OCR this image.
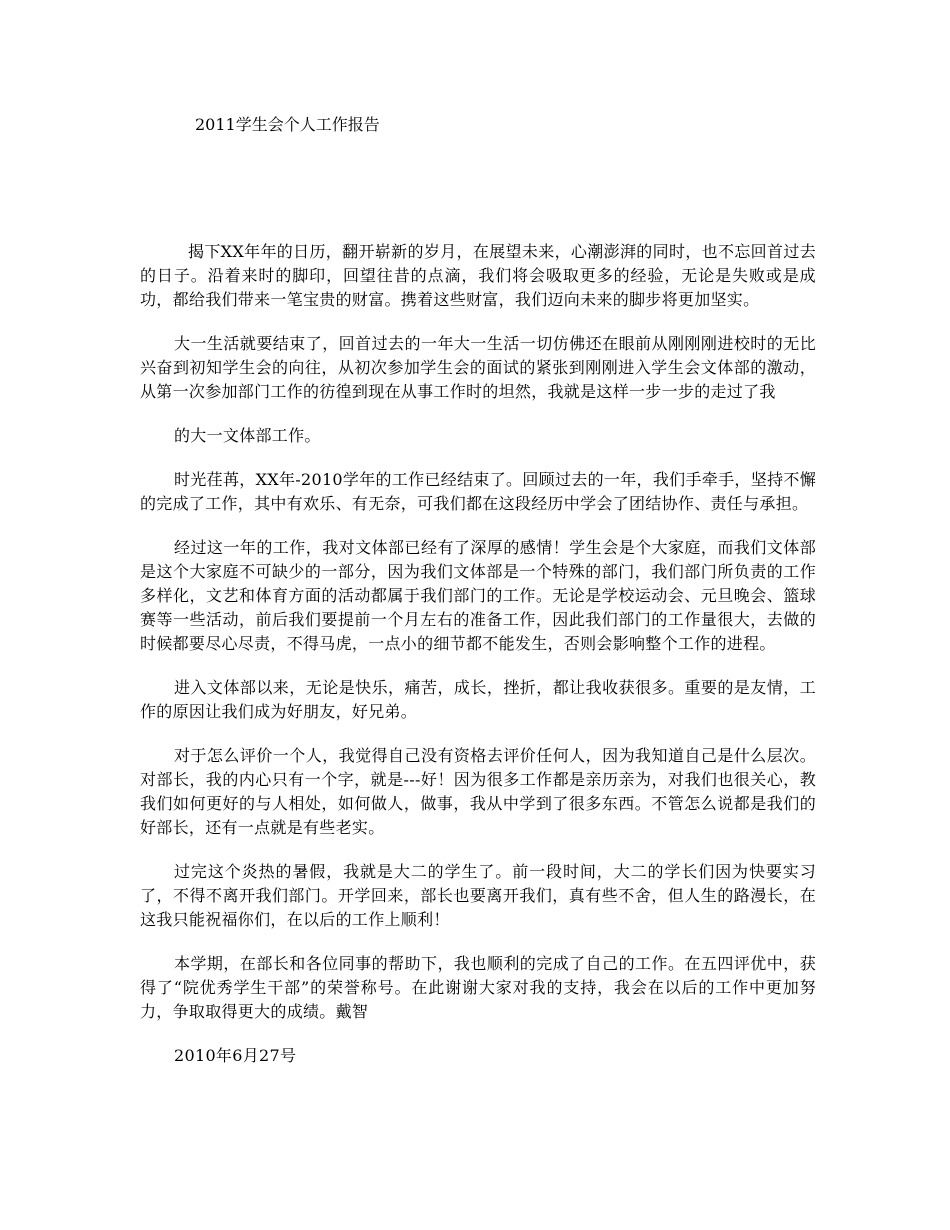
2011学生会个人工作报告

揭下XX年年的日历，翻开崭新的岁月，在展望未来，心潮澎湃的同时，也不忘回首过去的日子。沿着来时的脚印，回望往昔的点滴，我们将会吸取更多的经验，无论是失败或是成功，都给我们带来一笔宝贵的财富。携着这些财富，我们迈向未来的脚步将更加坚实。

大一生活就要结束了，回首过去的一年大一生活一切仿佛还在眼前从刚刚刚进校时的无比兴奋到初知学生会的向往，从初次参加学生会的面试的紧张到刚刚进入学生会文体部的激动，从第一次参加部门工作的彷徨到现在从事工作时的坦然，我就是这样一步一步的走过了我

的大一文体部工作。

时光荏苒，XX年-2010学年的工作已经结束了。回顾过去的一年，我们手牵手，坚持不懈的完成了工作，其中有欢乐、有无奈，可我们都在这段经历中学会了团结协作、责任与承担。

经过这一年的工作，我对文体部已经有了深厚的感情！学生会是个大家庭，而我们文体部是这个大家庭不可缺少的一部分，因为我们文体部是一个特殊的部门，我们部门所负责的工作多样化，文艺和体育方面的活动都属于我们部门的工作。无论是学校运动会、元旦晚会、篮球赛等一些活动，前后我们要提前一个月左右的准备工作，因此我们部门的工作量很大，去做的时候都要尽心尽责，不得马虎，一点小的细节都不能发生，否则会影响整个工作的进程。

进入文体部以来，无论是快乐，痛苦，成长，挫折，都让我收获很多。重要的是友情，工作的原因让我们成为好朋友，好兄弟。

对于怎么评价一个人，我觉得自己没有资格去评价任何人，因为我知道自己是什么层次。对部长，我的内心只有一个字，就是---好！因为很多工作都是亲历亲为，对我们也很关心，教我们如何更好的与人相处，如何做人，做事，我从中学到了很多东西。不管怎么说都是我们的好部长，还有一点就是有些老实。

过完这个炎热的暑假，我就是大二的学生了。前一段时间，大二的学长们因为快要实习了，不得不离开我们部门。开学回来，部长也要离开我们，真有些不舍，但人生的路漫长，在这我只能祝福你们，在以后的工作上顺利！

本学期，在部长和各位同事的帮助下，我也顺利的完成了自己的工作。在五四评优中，获得了“院优秀学生干部”的荣誉称号。在此谢谢大家对我的支持，我会在以后的工作中更加努力，争取取得更大的成绩。戴智

2010年6月27号
